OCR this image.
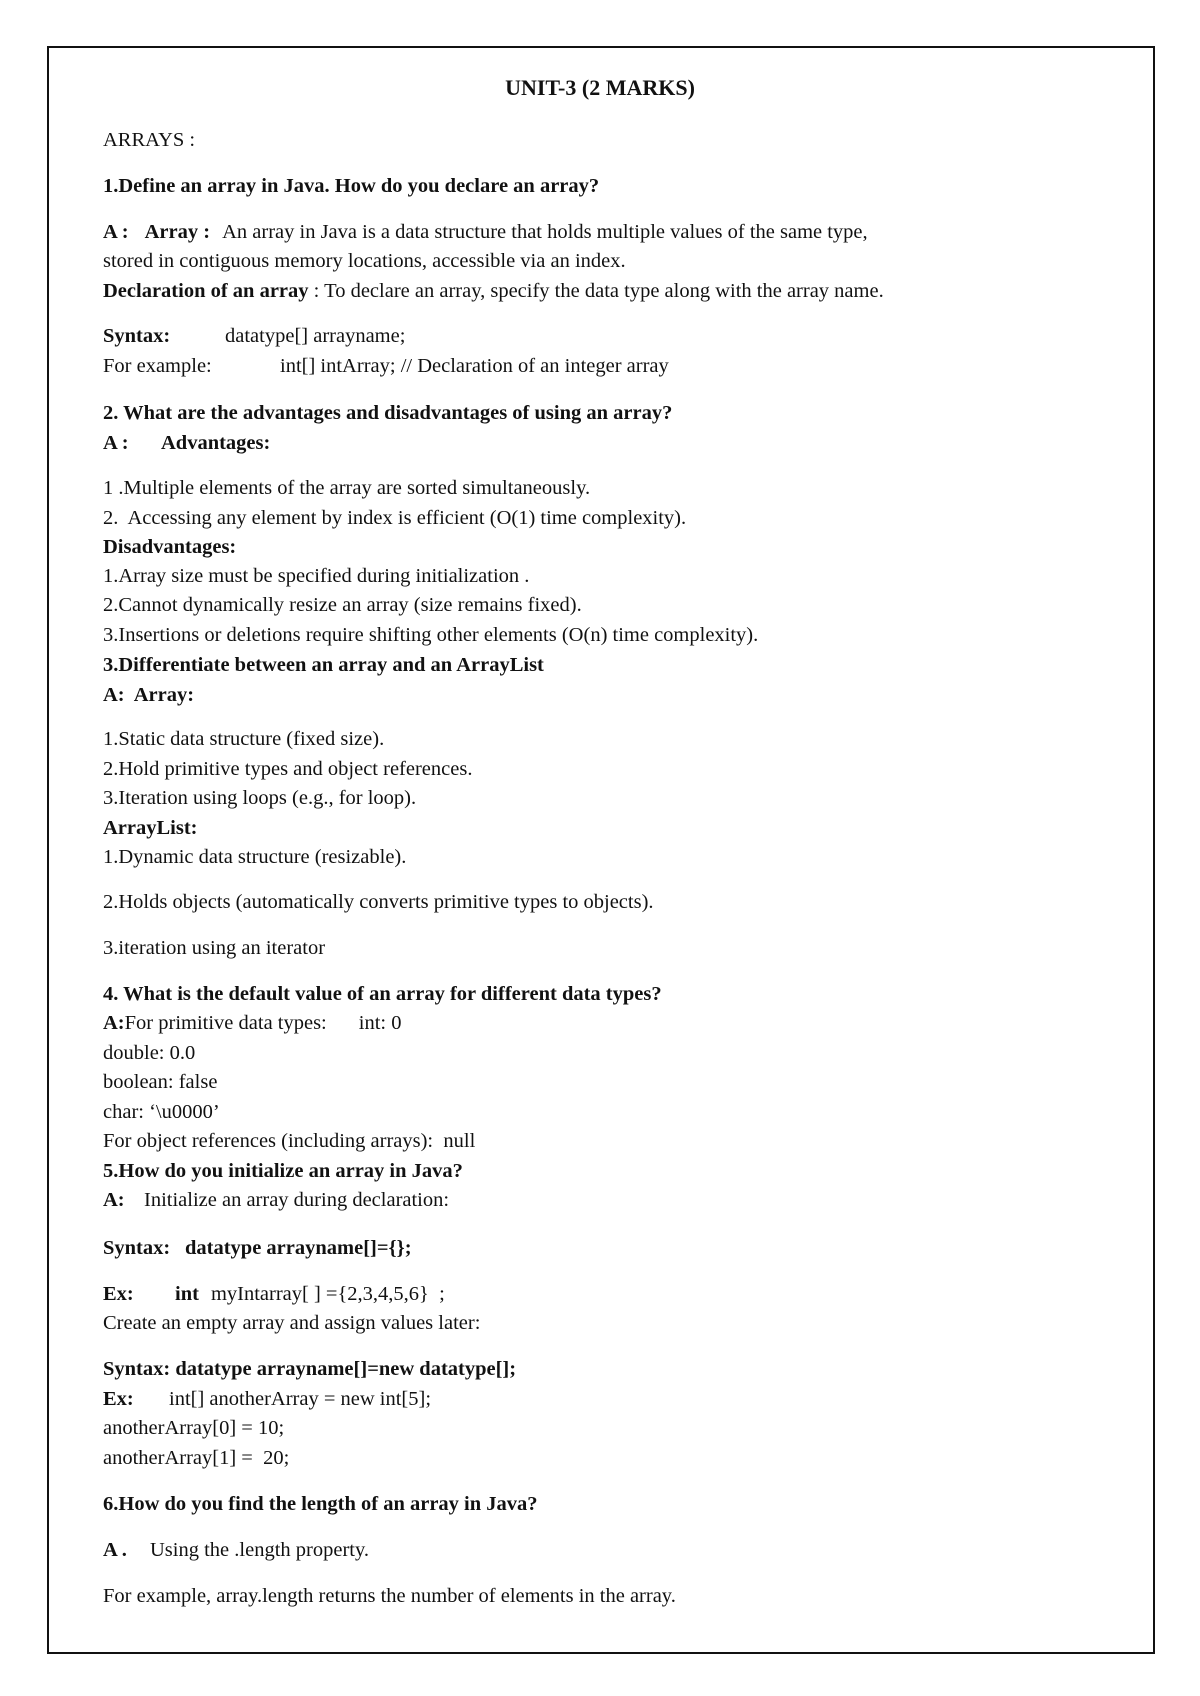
UNIT-3 (2 MARKS)
ARRAYS :
1.Define an array in Java. How do you declare an array?
A : Array : An array in Java is a data structure that holds multiple values of the same type,
stored in contiguous memory locations, accessible via an index.
Declaration of an array : To declare an array, specify the data type along with the array name.
Syntax:	datatype[] arrayname;
For example:	int[] intArray; // Declaration of an integer array
2. What are the advantages and disadvantages of using an array?
A : Advantages:
1 .Multiple elements of the array are sorted simultaneously.
2.  Accessing any element by index is efficient (O(1) time complexity).
Disadvantages:
1.Array size must be specified during initialization .
2.Cannot dynamically resize an array (size remains fixed).
3.Insertions or deletions require shifting other elements (O(n) time complexity).
3.Differentiate between an array and an ArrayList
A:  Array:
1.Static data structure (fixed size).
2.Hold primitive types and object references.
3.Iteration using loops (e.g., for loop).
ArrayList:
1.Dynamic data structure (resizable).
2.Holds objects (automatically converts primitive types to objects).
3.iteration using an iterator
4. What is the default value of an array for different data types?
A:For primitive data types: int: 0
double: 0.0
boolean: false
char: ‘\u0000’
For object references (including arrays):  null
5.How do you initialize an array in Java?
A: Initialize an array during declaration:
Syntax: datatype arrayname[]={};
Ex: int myIntarray[ ] ={2,3,4,5,6}  ;
Create an empty array and assign values later:
Syntax: datatype arrayname[]=new datatype[];
Ex: int[] anotherArray = new int[5];
anotherArray[0] = 10;
anotherArray[1] =  20;
6.How do you find the length of an array in Java?
A . Using the .length property.
For example, array.length returns the number of elements in the array.
